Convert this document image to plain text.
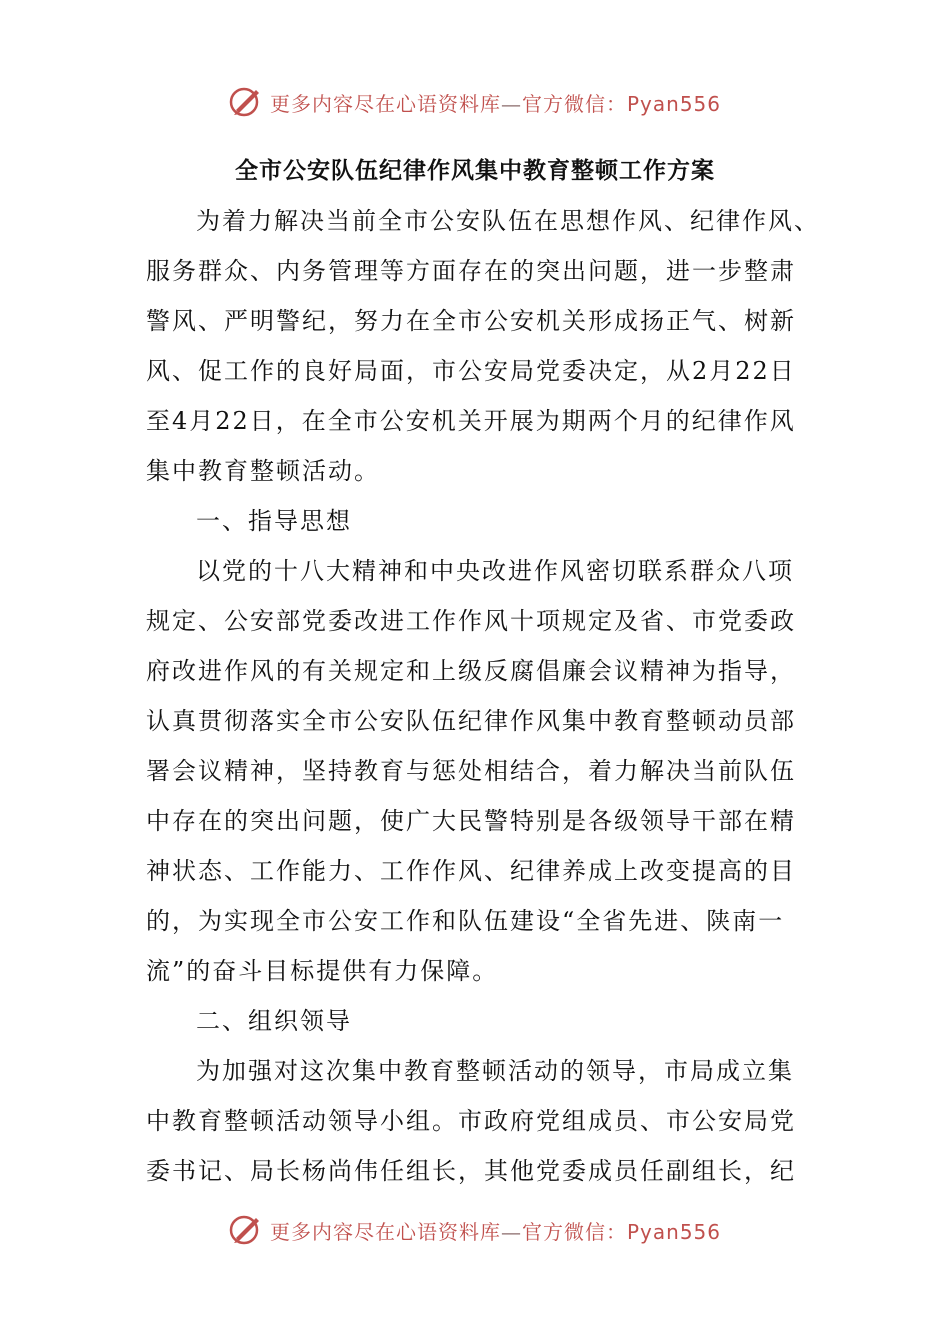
更多内容尽在心语资料库—官方微信：Pyan556
全市公安队伍纪律作风集中教育整顿工作方案
为着力解决当前全市公安队伍在思想作风、纪律作风、
服务群众、内务管理等方面存在的突出问题，进一步整肃
警风、严明警纪，努力在全市公安机关形成扬正气、树新
风、促工作的良好局面，市公安局党委决定，从2月22日
至4月22日，在全市公安机关开展为期两个月的纪律作风
集中教育整顿活动。
一、指导思想
以党的十八大精神和中央改进作风密切联系群众八项
规定、公安部党委改进工作作风十项规定及省、市党委政
府改进作风的有关规定和上级反腐倡廉会议精神为指导，
认真贯彻落实全市公安队伍纪律作风集中教育整顿动员部
署会议精神，坚持教育与惩处相结合，着力解决当前队伍
中存在的突出问题，使广大民警特别是各级领导干部在精
神状态、工作能力、工作作风、纪律养成上改变提高的目
的，为实现全市公安工作和队伍建设“全省先进、陕南一
流”的奋斗目标提供有力保障。
二、组织领导
为加强对这次集中教育整顿活动的领导，市局成立集
中教育整顿活动领导小组。市政府党组成员、市公安局党
委书记、局长杨尚伟任组长，其他党委成员任副组长，纪
更多内容尽在心语资料库—官方微信：Pyan556
